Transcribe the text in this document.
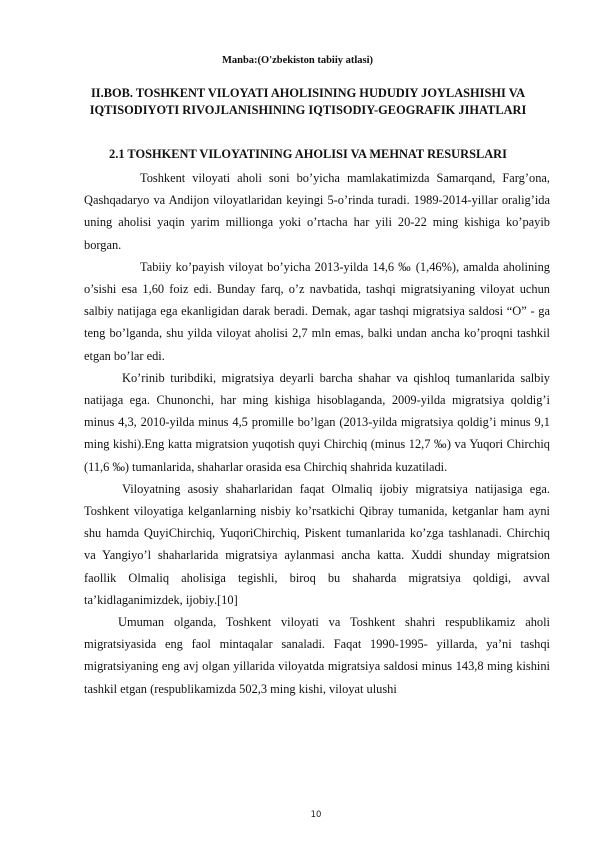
Manba:(O'zbekiston tabiiy atlasi)
II.BOB. TOSHKENT VILOYATI AHOLISINING HUDUDIY JOYLASHISHI VA IQTISODIYOTI RIVOJLANISHINING IQTISODIY-GEOGRAFIK JIHATLARI
2.1 TOSHKENT VILOYATINING AHOLISI VA MEHNAT RESURSLARI

Toshkent viloyati aholi soni bo’yicha mamlakatimizda Samarqand, Farg’ona, Qashqadaryo va Andijon viloyatlaridan keyingi 5-o’rinda turadi. 1989-2014-yillar oralig’ida uning aholisi yaqin yarim millionga yoki o’rtacha har yili 20-22 ming kishiga ko’payib borgan.

Tabiiy ko’payish viloyat bo’yicha 2013-yilda 14,6 ‰ (1,46%), amalda aholining o’sishi esa 1,60 foiz edi. Bunday farq, o’z navbatida, tashqi migratsiyaning viloyat uchun salbiy natijaga ega ekanligidan darak beradi. Demak, agar tashqi migratsiya saldosi “O” - ga teng bo’lganda, shu yilda viloyat aholisi 2,7 mln emas, balki undan ancha ko’proqni tashkil etgan bo’lar edi.

Ko’rinib turibdiki, migratsiya deyarli barcha shahar va qishloq tumanlarida salbiy natijaga ega. Chunonchi, har ming kishiga hisoblaganda, 2009-yilda migratsiya qoldig’i minus 4,3, 2010-yilda minus 4,5 promille bo’lgan (2013-yilda migratsiya qoldig’i minus 9,1 ming kishi).Eng katta migratsion yuqotish quyi Chirchiq (minus 12,7 ‰) va Yuqori Chirchiq (11,6 ‰) tumanlarida, shaharlar orasida esa Chirchiq shahrida kuzatiladi.

Viloyatning asosiy shaharlaridan faqat Olmaliq ijobiy migratsiya natijasiga ega. Toshkent viloyatiga kelganlarning nisbiy ko’rsatkichi Qibray tumanida, ketganlar ham ayni shu hamda QuyiChirchiq, YuqoriChirchiq, Piskent tumanlarida ko’zga tashlanadi. Chirchiq va Yangiyo’l shaharlarida migratsiya aylanmasi ancha katta. Xuddi shunday migratsion faollik Olmaliq aholisiga tegishli, biroq bu shaharda migratsiya qoldigi, avval ta’kidlaganimizdek, ijobiy.[10]

Umuman olganda, Toshkent viloyati va Toshkent shahri respublikamiz aholi migratsiyasida eng faol mintaqalar sanaladi. Faqat 1990-1995- yillarda, ya’ni tashqi migratsiyaning eng avj olgan yillarida viloyatda migratsiya saldosi minus 143,8 ming kishini tashkil etgan (respublikamizda 502,3 ming kishi, viloyat ulushi

10
